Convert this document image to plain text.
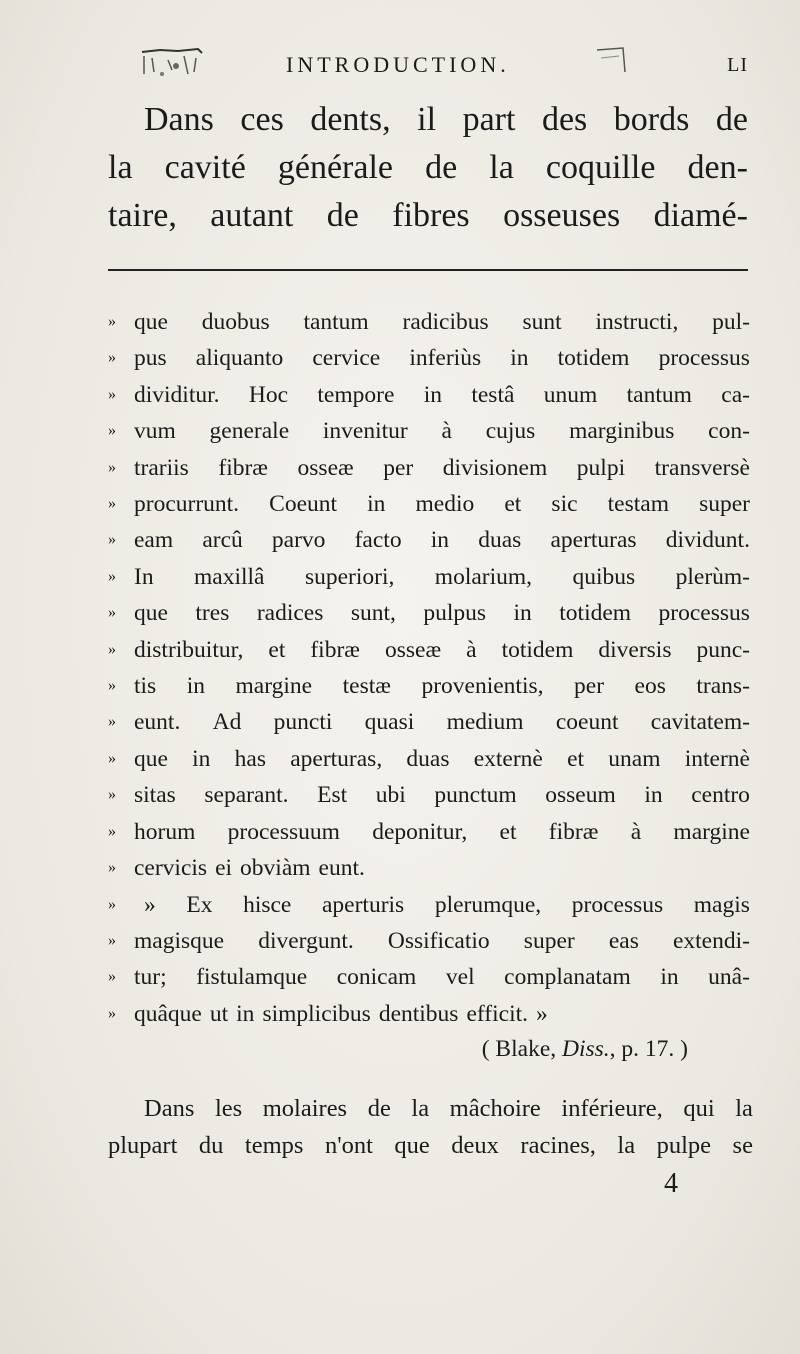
INTRODUCTION.	LI
Dans ces dents, il part des bords de
la cavité générale de la coquille den-
taire, autant de fibres osseuses diamé-
» que duobus tantum radicibus sunt instructi, pul-
» pus aliquanto cervice inferiùs in totidem processus
» dividitur. Hoc tempore in testâ unum tantum ca-
» vum generale invenitur à cujus marginibus con-
» trariis fibræ osseæ per divisionem pulpi transversè
» procurrunt. Coeunt in medio et sic testam super
» eam arcû parvo facto in duas aperturas dividunt.
» In maxillâ superiori, molarium, quibus plerùm-
» que tres radices sunt, pulpus in totidem processus
» distribuitur, et fibræ osseæ à totidem diversis punc-
» tis in margine testæ provenientis, per eos trans-
» eunt. Ad puncti quasi medium coeunt cavitatem-
» que in has aperturas, duas externè et unam internè
» sitas separant. Est ubi punctum osseum in centro
» horum processuum deponitur, et fibræ à margine
» cervicis ei obviàm eunt.
»	» Ex hisce aperturis plerumque, processus magis
» magisque divergunt. Ossificatio super eas extendi-
» tur; fistulamque conicam vel complanatam in unâ-
» quâque ut in simplicibus dentibus efficit. »
( Blake, Diss., p. 17. )
Dans les molaires de la mâchoire inférieure, qui la
plupart du temps n'ont que deux racines, la pulpe se
4
